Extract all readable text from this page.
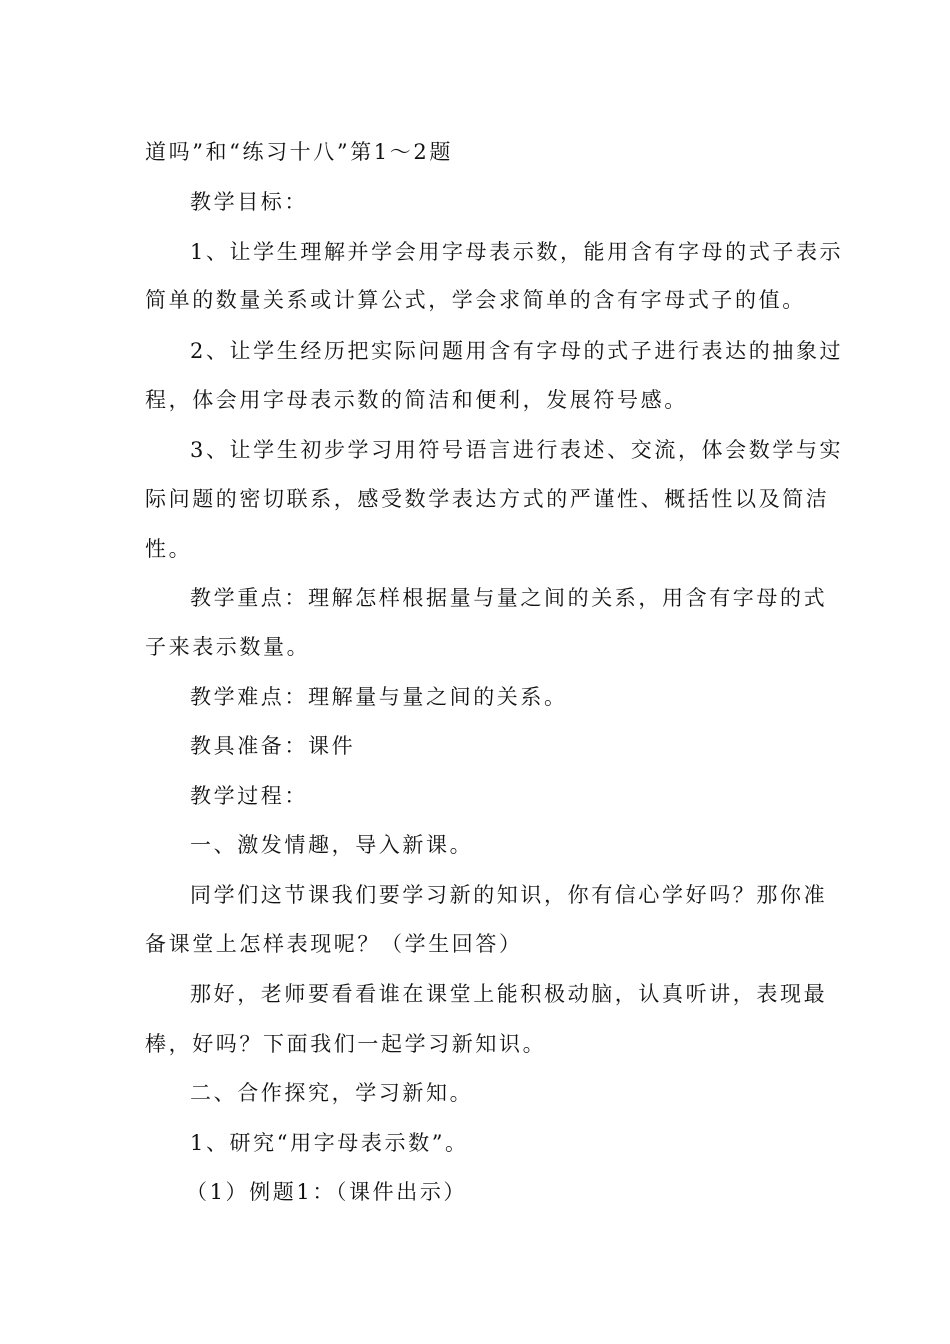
道吗”和“练习十八”第1～2题
教学目标：
1、让学生理解并学会用字母表示数，能用含有字母的式子表示
简单的数量关系或计算公式，学会求简单的含有字母式子的值。
2、让学生经历把实际问题用含有字母的式子进行表达的抽象过
程，体会用字母表示数的简洁和便利，发展符号感。
3、让学生初步学习用符号语言进行表述、交流，体会数学与实
际问题的密切联系，感受数学表达方式的严谨性、概括性以及简洁
性。
教学重点：理解怎样根据量与量之间的关系，用含有字母的式
子来表示数量。
教学难点：理解量与量之间的关系。
教具准备：课件
教学过程：
一、激发情趣，导入新课。
同学们这节课我们要学习新的知识，你有信心学好吗？那你准
备课堂上怎样表现呢？（学生回答）
那好，老师要看看谁在课堂上能积极动脑，认真听讲，表现最
棒，好吗？下面我们一起学习新知识。
二、合作探究，学习新知。
1、研究“用字母表示数”。
（1）例题1：（课件出示）
